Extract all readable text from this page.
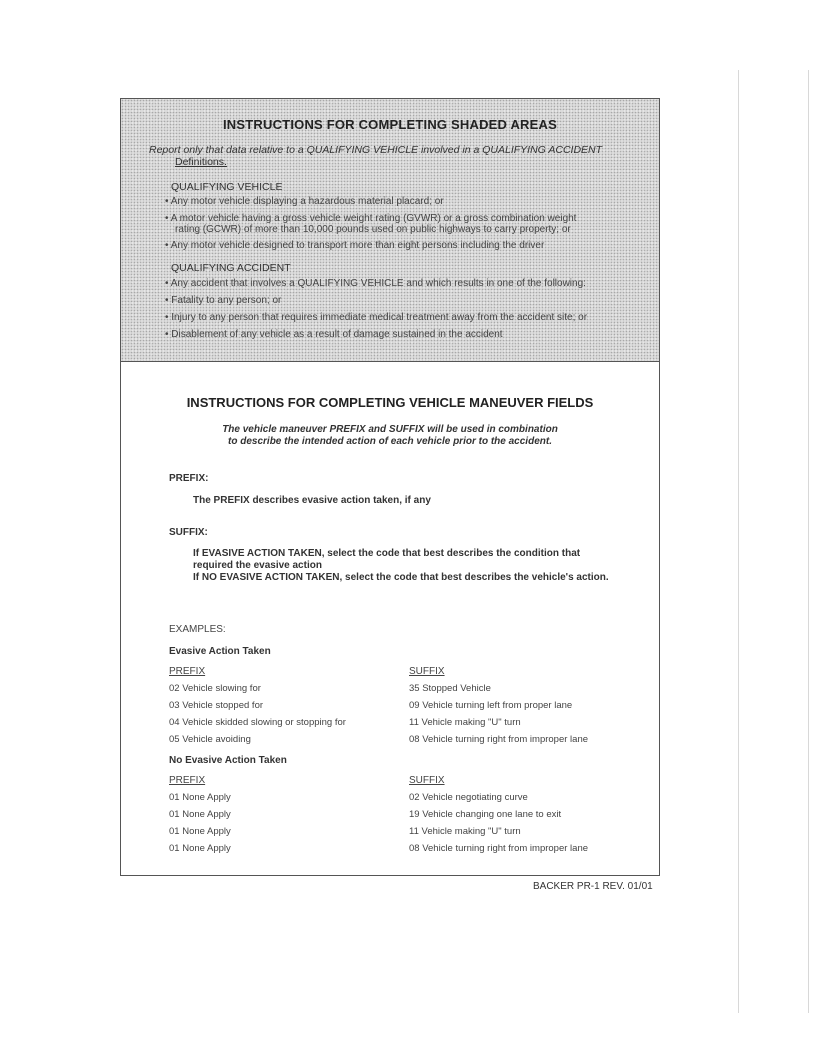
INSTRUCTIONS FOR COMPLETING SHADED AREAS
Report only that data relative to a QUALIFYING VEHICLE involved in a QUALIFYING ACCIDENT
Definitions.
QUALIFYING VEHICLE
• Any motor vehicle displaying a hazardous material placard; or
• A motor vehicle having a gross vehicle weight rating (GVWR) or a gross combination weight
rating (GCWR) of more than 10,000 pounds used on public highways to carry property; or
• Any motor vehicle designed to transport more than eight persons including the driver
QUALIFYING ACCIDENT
• Any accident that involves a QUALIFYING VEHICLE and which results in one of the following:
• Fatality to any person; or
• Injury to any person that requires immediate medical treatment away from the accident site; or
• Disablement of any vehicle as a result of damage sustained in the accident
INSTRUCTIONS FOR COMPLETING VEHICLE MANEUVER FIELDS
The vehicle maneuver PREFIX and SUFFIX will be used in combination
to describe the intended action of each vehicle prior to the accident.
PREFIX:
The PREFIX describes evasive action taken, if any
SUFFIX:
If EVASIVE ACTION TAKEN, select the code that best describes the condition that
required the evasive action
If NO EVASIVE ACTION TAKEN, select the code that best describes the vehicle's action.
EXAMPLES:
Evasive Action Taken
PREFIX	SUFFIX
02 Vehicle slowing for
03 Vehicle stopped for
04 Vehicle skidded slowing or stopping for
05 Vehicle avoiding
35 Stopped Vehicle
09 Vehicle turning left from proper lane
11 Vehicle making "U" turn
08 Vehicle turning right from improper lane
No Evasive Action Taken
PREFIX	SUFFIX
01 None Apply
01 None Apply
01 None Apply
01 None Apply
02 Vehicle negotiating curve
19 Vehicle changing one lane to exit
11 Vehicle making "U" turn
08 Vehicle turning right from improper lane
BACKER PR-1 REV. 01/01
